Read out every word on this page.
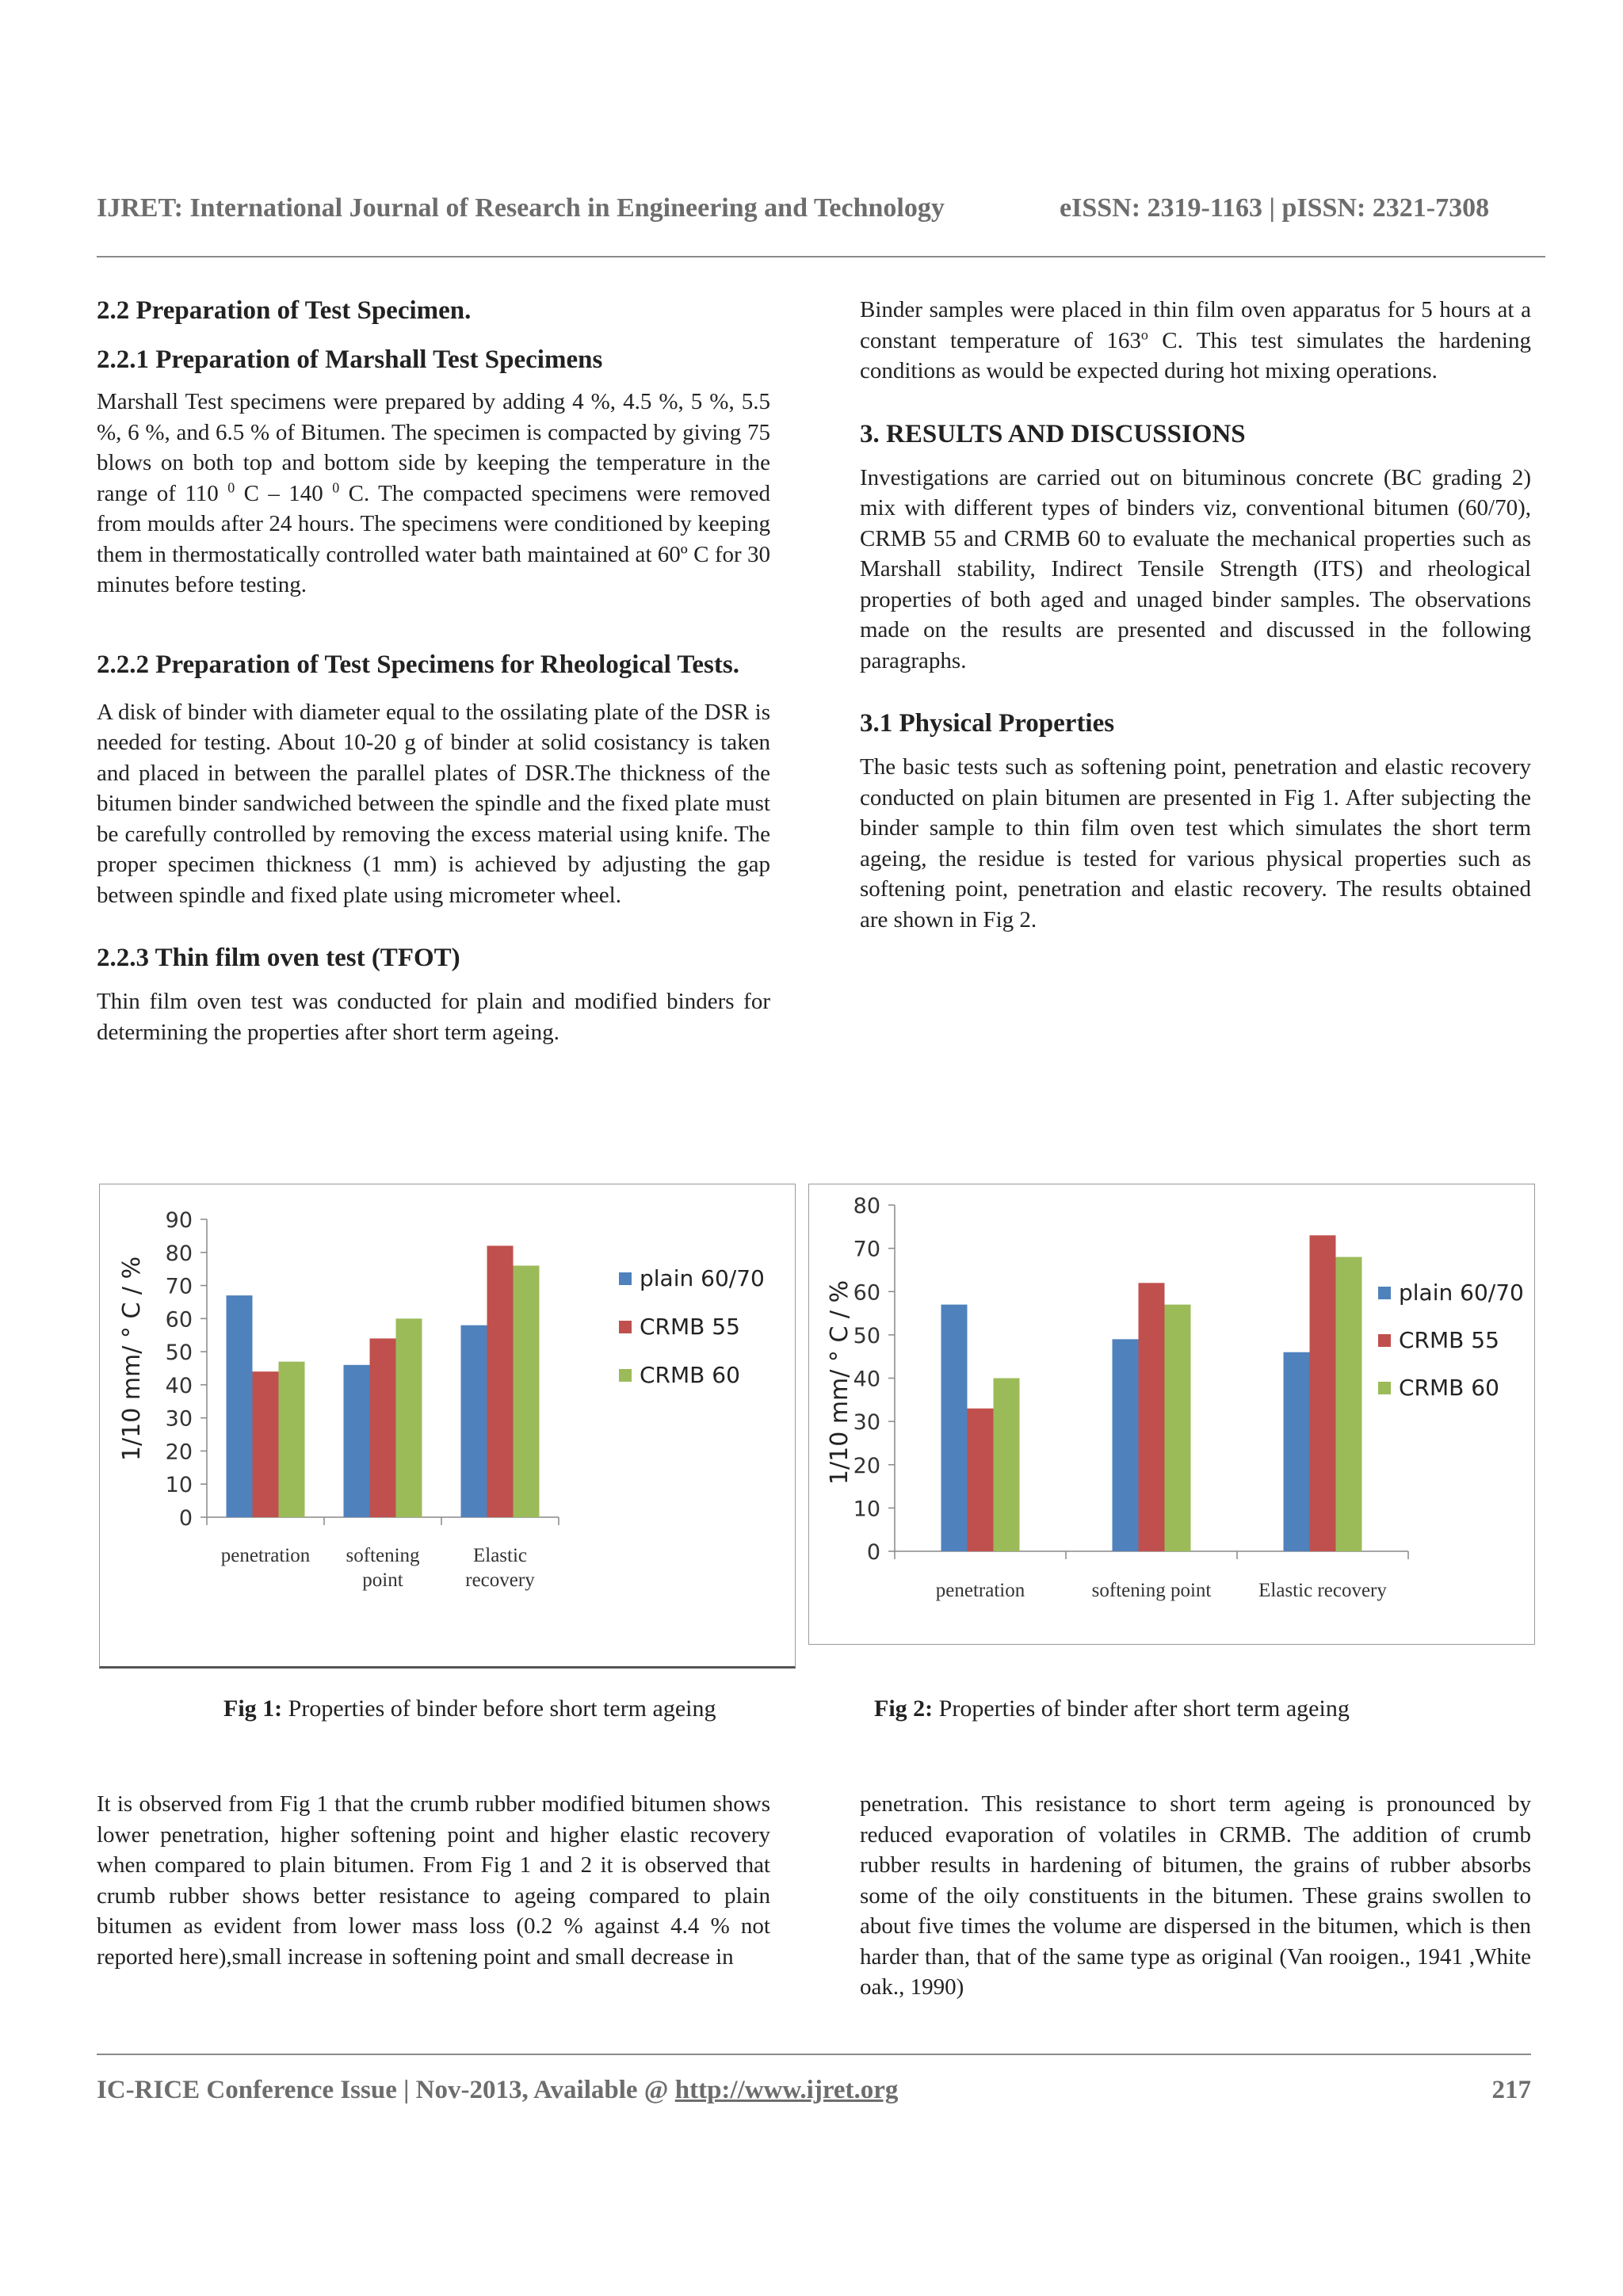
IJRET: International Journal of Research in Engineering and Technology	eISSN: 2319-1163 | pISSN: 2321-7308
2.2 Preparation of Test Specimen.
2.2.1 Preparation of Marshall Test Specimens

Marshall Test specimens were prepared by adding 4 %, 4.5 %, 5 %, 5.5 %, 6 %, and 6.5 % of Bitumen. The specimen is compacted by giving 75 blows on both top and bottom side by keeping the temperature in the range of 110 $^0$ C – 140 $^0$ C. The compacted specimens were removed from moulds after 24 hours. The specimens were conditioned by keeping them in thermostatically controlled water bath maintained at 60º C for 30 minutes before testing.

2.2.2 Preparation of Test Specimens for Rheological Tests.

A disk of binder with diameter equal to the ossilating plate of the DSR is needed for testing. About 10-20 g of binder at solid cosistancy is taken and placed in between the parallel plates of DSR.The thickness of the bitumen binder sandwiched between the spindle and the fixed plate must be carefully controlled by removing the excess material using knife. The proper specimen thickness (1 mm) is achieved by adjusting the gap between spindle and fixed plate using micrometer wheel.

2.2.3 Thin film oven test (TFOT)

Thin film oven test was conducted for plain and modified binders for determining the properties after short term ageing.

Binder samples were placed in thin film oven apparatus for 5 hours at a constant temperature of 163$^o$ C. This test simulates the hardening conditions as would be expected during hot mixing operations.

3. RESULTS AND DISCUSSIONS

Investigations are carried out on bituminous concrete (BC grading 2) mix with different types of binders viz, conventional bitumen (60/70), CRMB 55 and CRMB 60 to evaluate the mechanical properties such as Marshall stability, Indirect Tensile Strength (ITS) and rheological properties of both aged and unaged binder samples. The observations made on the results are presented and discussed in the following paragraphs.

3.1 Physical Properties

The basic tests such as softening point, penetration and elastic recovery conducted on plain bitumen are presented in Fig 1. After subjecting the binder sample to thin film oven test which simulates the short term ageing, the residue is tested for various physical properties such as softening point, penetration and elastic recovery. The results obtained are shown in Fig 2.

0
10
20
30
40
50
60
70
80
90
penetration softening point
Elastic recovery
1/10 mm/ ° C / %	plain 60/70
CRMB 55
CRMB 60
0
10
20
30
40
50
60
70
80
penetration	softening point Elastic recovery
1/10 mm/ ° C / %	plain 60/70
CRMB 55
CRMB 60
Fig 1: Properties of binder before short term ageing	Fig 2: Properties of binder after short term ageing

It is observed from Fig 1 that the crumb rubber modified bitumen shows lower penetration, higher softening point and higher elastic recovery when compared to plain bitumen. From Fig 1 and 2 it is observed that crumb rubber shows better resistance to ageing compared to plain bitumen as evident from lower mass loss (0.2 % against 4.4 % not reported here),small increase in softening point and small decrease in

penetration. This resistance to short term ageing is pronounced by reduced evaporation of volatiles in CRMB. The addition of crumb rubber results in hardening of bitumen, the grains of rubber absorbs some of the oily constituents in the bitumen. These grains swollen to about five times the volume are dispersed in the bitumen, which is then harder than, that of the same type as original (Van rooigen., 1941 ,White oak., 1990)

IC-RICE Conference Issue | Nov-2013, Available @ http://www.ijret.org	217
